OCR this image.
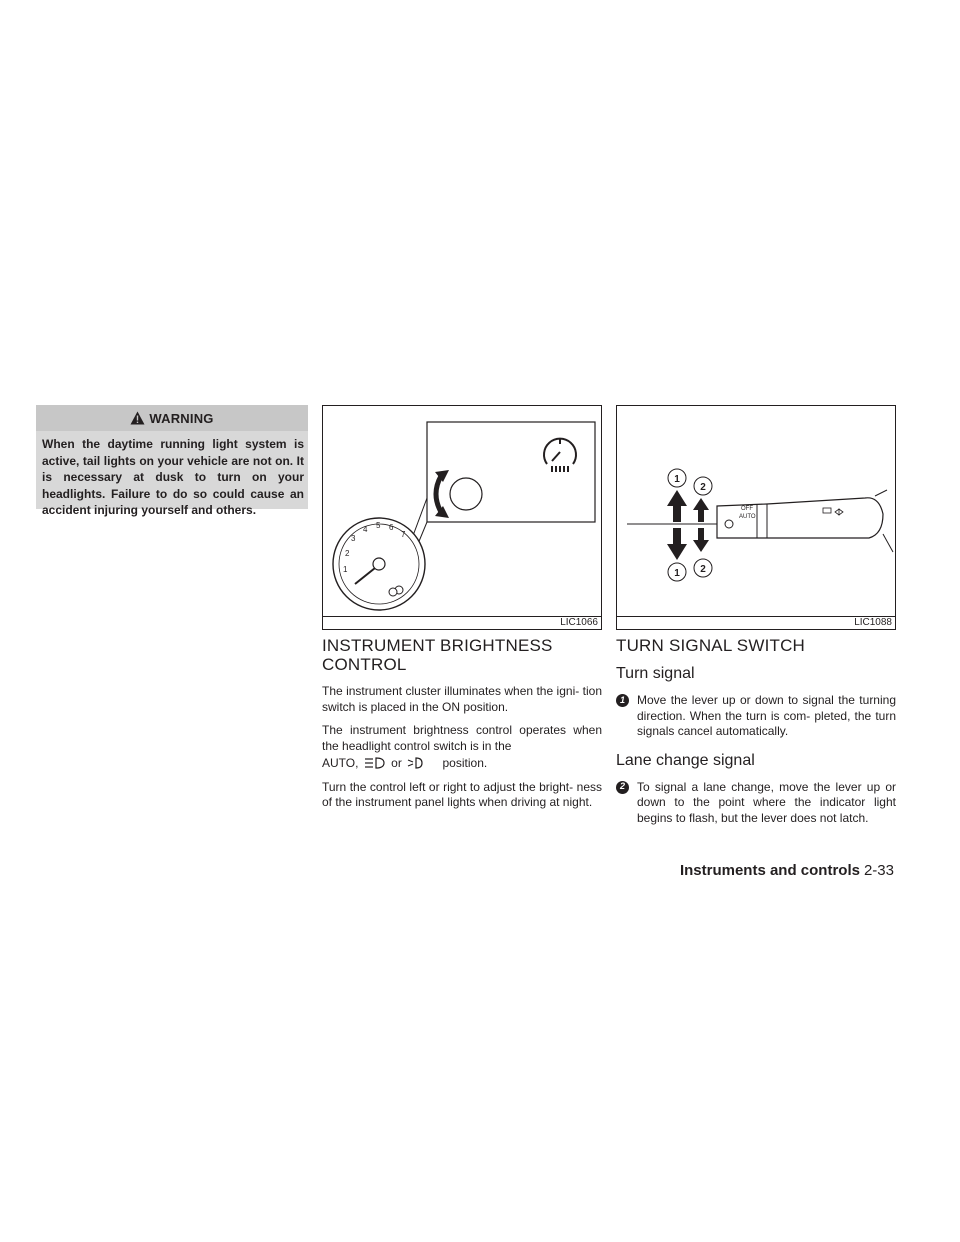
WARNING
When the daytime running light system is active, tail lights on your vehicle are not on. It is necessary at dusk to turn on your headlights. Failure to do so could cause an accident injuring yourself and others.
1
2
3
4 5 6
7
LIC1066
1
2
1 2
OFF
AUTO
LIC1088
INSTRUMENT BRIGHTNESS
CONTROL

The instrument cluster illuminates when the igni- tion switch is placed in the ON position.

The instrument brightness control operates when the headlight control switch is in the

AUTO,	or	position.

Turn the control left or right to adjust the bright- ness of the instrument panel lights when driving at night.

TURN SIGNAL SWITCH
Turn signal
1	Move the lever up or down to signal the turning direction. When the turn is com- pleted, the turn signals cancel automatically.
Lane change signal
2	To signal a lane change, move the lever up or down to the point where the indicator light begins to flash, but the lever does not latch.
Instruments and controls 2-33
